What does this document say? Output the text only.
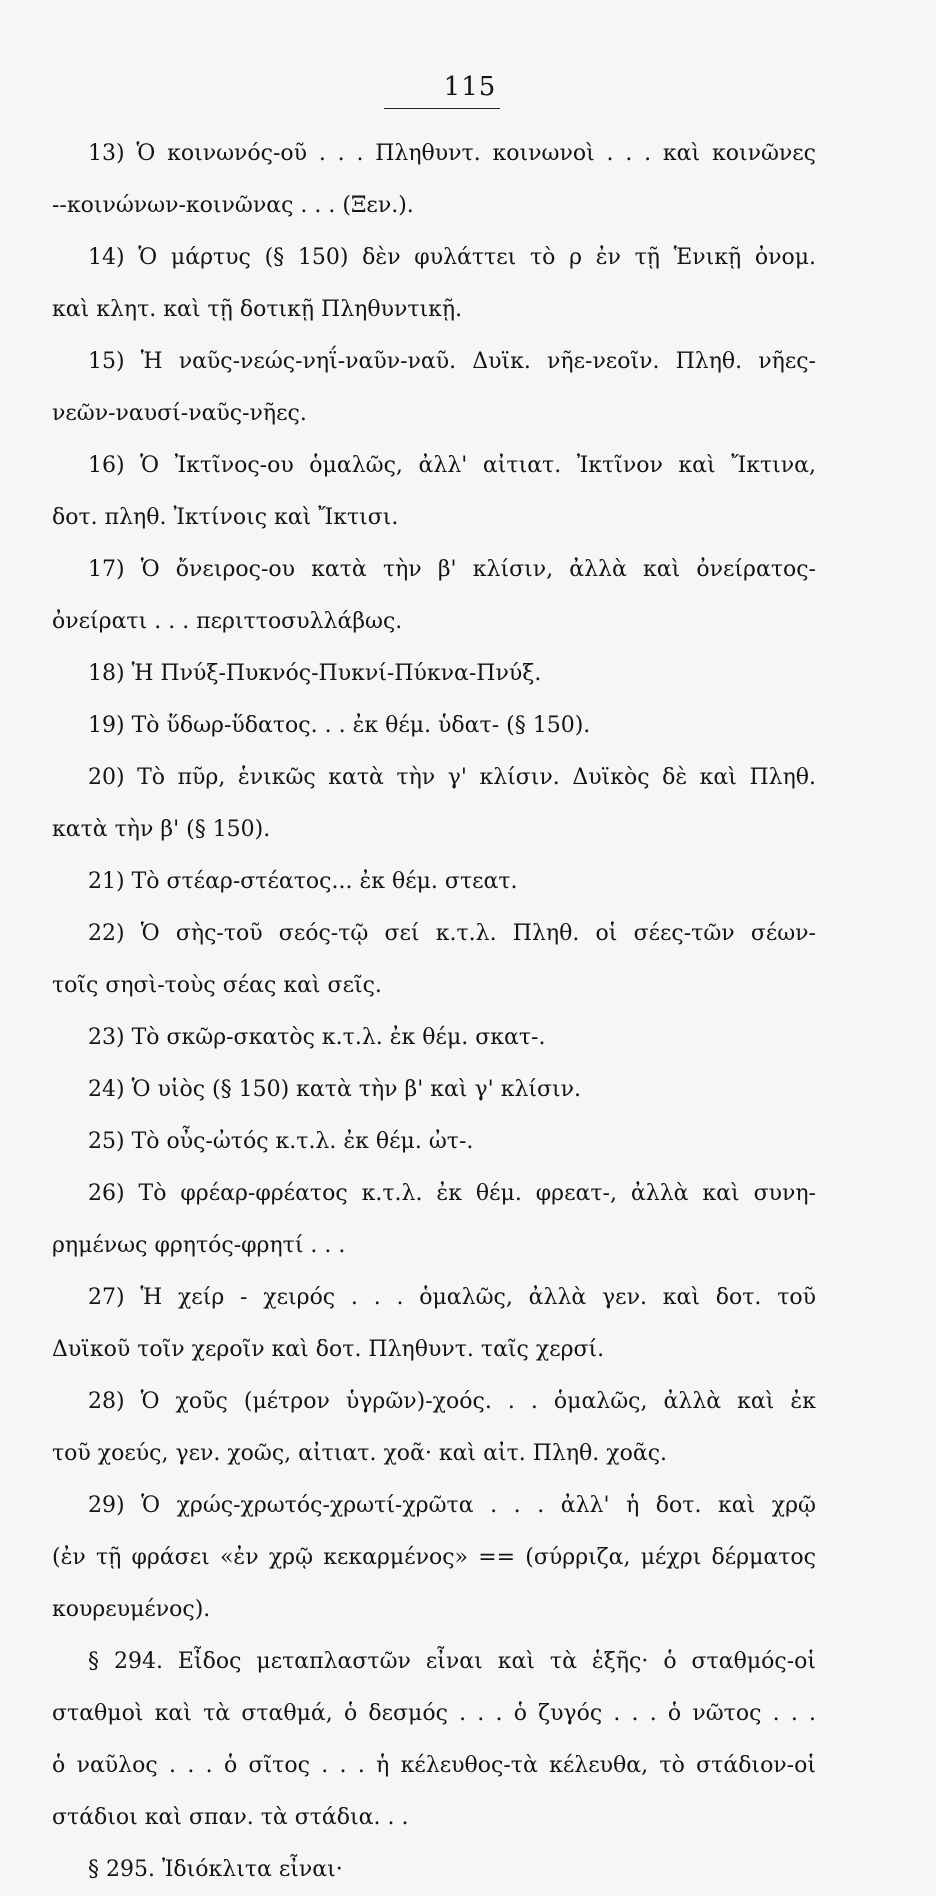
115
13) Ὁ κοινωνός-οῦ . . . Πληθυντ. κοινωνοὶ . . . καὶ κοινῶνες
--κοινώνων-κοινῶνας . . . (Ξεν.).
14) Ὁ μάρτυς (§ 150) δὲν φυλάττει τὸ ρ ἐν τῇ Ἑνικῇ ὀνομ.
καὶ κλητ. καὶ τῇ δοτικῇ Πληθυντικῇ.
15) Ἡ ναῦς-νεώς-νηΐ-ναῦν-ναῦ. Δυϊκ. νῆε-νεοῖν. Πληθ. νῆες-
νεῶν-ναυσί-ναῦς-νῆες.
16) Ὁ Ἰκτῖνος-ου ὁμαλῶς, ἀλλ' αἰτιατ. Ἰκτῖνον καὶ Ἴκτινα,
δοτ. πληθ. Ἰκτίνοις καὶ Ἴκτισι.
17) Ὁ ὄνειρος-ου κατὰ τὴν β' κλίσιν, ἀλλὰ καὶ ὀνείρατος-
ὀνείρατι . . . περιττοσυλλάβως.
18) Ἡ Πνύξ-Πυκνός-Πυκνί-Πύκνα-Πνύξ.
19) Τὸ ὕδωρ-ὕδατος. . . ἐκ θέμ. ὑδατ- (§ 150).
20) Τὸ πῦρ, ἑνικῶς κατὰ τὴν γ' κλίσιν. Δυϊκὸς δὲ καὶ Πληθ.
κατὰ τὴν β' (§ 150).
21) Τὸ στέαρ-στέατος... ἐκ θέμ. στεατ.
22) Ὁ σὴς-τοῦ σεός-τῷ σεί κ.τ.λ. Πληθ. οἱ σέες-τῶν σέων-
τοῖς σησὶ-τοὺς σέας καὶ σεῖς.
23) Τὸ σκῶρ-σκατὸς κ.τ.λ. ἐκ θέμ. σκατ-.
24) Ὁ υἱὸς (§ 150) κατὰ τὴν β' καὶ γ' κλίσιν.
25) Τὸ οὖς-ὠτός κ.τ.λ. ἐκ θέμ. ὠτ-.
26) Τὸ φρέαρ-φρέατος κ.τ.λ. ἐκ θέμ. φρεατ-, ἀλλὰ καὶ συνη-
ρημένως φρητός-φρητί . . .
27) Ἡ χείρ - χειρός . . . ὁμαλῶς, ἀλλὰ γεν. καὶ δοτ. τοῦ
Δυϊκοῦ τοῖν χεροῖν καὶ δοτ. Πληθυντ. ταῖς χερσί.
28) Ὁ χοῦς (μέτρον ὑγρῶν)-χοός. . . ὁμαλῶς, ἀλλὰ καὶ ἐκ
τοῦ χοεύς, γεν. χοῶς, αἰτιατ. χοᾶ· καὶ αἰτ. Πληθ. χοᾶς.
29) Ὁ χρώς-χρωτός-χρωτί-χρῶτα . . . ἀλλ' ἡ δοτ. καὶ χρῷ
(ἐν τῇ φράσει «ἐν χρῷ κεκαρμένος» == (σύρριζα, μέχρι δέρματος
κουρευμένος).
§ 294. Εἶδος μεταπλαστῶν εἶναι καὶ τὰ ἑξῆς· ὁ σταθμός-οἱ
σταθμοὶ καὶ τὰ σταθμά, ὁ δεσμός . . . ὁ ζυγός . . . ὁ νῶτος . . .
ὁ ναῦλος . . . ὁ σῖτος . . . ἡ κέλευθος-τὰ κέλευθα, τὸ στάδιον-οἱ
στάδιοι καὶ σπαν. τὰ στάδια. . .
§ 295. Ἰδιόκλιτα εἶναι·
